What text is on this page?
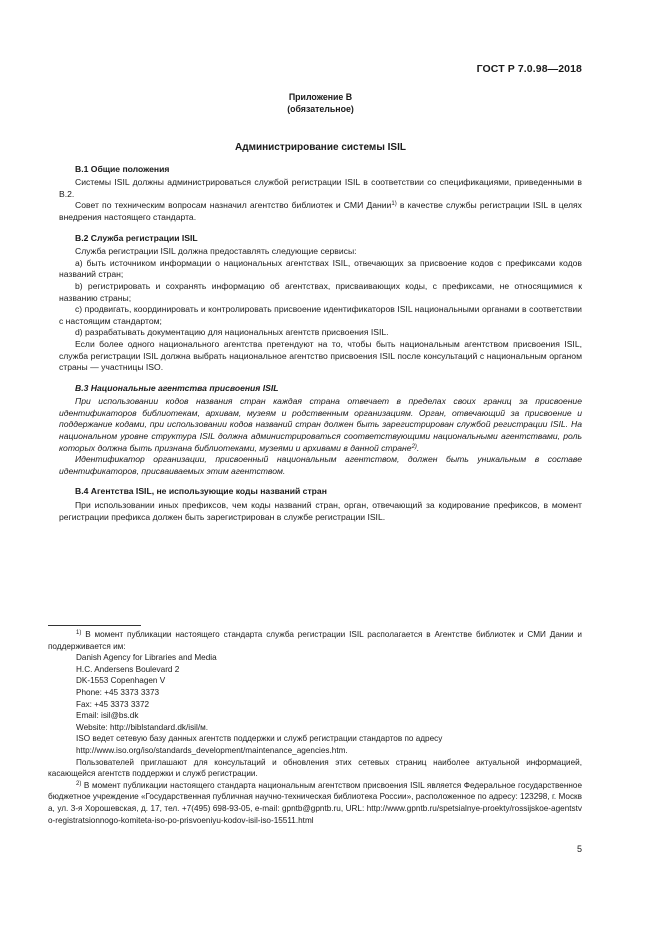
ГОСТ Р 7.0.98—2018
Приложение В
(обязательное)
Администрирование системы ISIL
В.1 Общие положения

Системы ISIL должны администрироваться службой регистрации ISIL в соответствии со спецификациями, приведенными в В.2.

Совет по техническим вопросам назначил агентство библиотек и СМИ Дании$^{1)}$ в качестве службы регистрации ISIL в целях внедрения настоящего стандарта.

В.2 Служба регистрации ISIL

Служба регистрации ISIL должна предоставлять следующие сервисы:

a) быть источником информации о национальных агентствах ISIL, отвечающих за присвоение кодов с префиксами кодов названий стран;

b) регистрировать и сохранять информацию об агентствах, присваивающих коды, с префиксами, не относящимися к названию страны;

c) продвигать, координировать и контролировать присвоение идентификаторов ISIL национальными органами в соответствии с настоящим стандартом;

d) разрабатывать документацию для национальных агентств присвоения ISIL.

Если более одного национального агентства претендуют на то, чтобы быть национальным агентством присвоения ISIL, служба регистрации ISIL должна выбрать национальное агентство присвоения ISIL после консультаций с национальным органом страны — участницы ISO.

В.3 Национальные агентства присвоения ISIL

При использовании кодов названия стран каждая страна отвечает в пределах своих границ за присвоение идентификаторов библиотекам, архивам, музеям и родственным организациям. Орган, отвечающий за присвоение и поддержание кодами, при использовании кодов названий стран должен быть зарегистрирован службой регистрации ISIL. На национальном уровне структура ISIL должна администрироваться соответствующими национальными агентствами, роль которых должна быть признана библиотеками, музеями и архивами в данной стране$^{2)}$.

Идентификатор организации, присвоенный национальным агентством, должен быть уникальным в составе идентификаторов, присваиваемых этим агентством.

В.4 Агентства ISIL, не использующие коды названий стран

При использовании иных префиксов, чем коды названий стран, орган, отвечающий за кодирование префиксов, в момент регистрации префикса должен быть зарегистрирован в службе регистрации ISIL.

$^{1)}$ В момент публикации настоящего стандарта служба регистрации ISIL располагается в Агентстве библиотек и СМИ Дании и поддерживается им:

Danish Agency for Libraries and Media
H.C. Andersens Boulevard 2
DK-1553 Copenhagen V
Phone: +45 3373 3373
Fax: +45 3373 3372
Email: isil@bs.dk
Website: http://biblstandard.dk/isil/м.
ISO ведет сетевую базу данных агентств поддержки и служб регистрации стандартов по адресу
http://www.iso.org/iso/standards_development/maintenance_agencies.htm.

Пользователей приглашают для консультаций и обновления этих сетевых страниц наиболее актуальной информацией, касающейся агентств поддержки и служб регистрации.

$^{2)}$ В момент публикации настоящего стандарта национальным агентством присвоения ISIL является Федеральное государственное бюджетное учреждение «Государственная публичная научно-техническая библиотека России», расположенное по адресу: 123298, г. Москва, ул. 3-я Хорошевская, д. 17, тел. +7(495) 698-93-05, e-mail: gpntb@gpntb.ru, URL: http://www.gpntb.ru/spetsialnye-proekty/rossijskoe-agentstvo-registratsionnogo-komiteta-iso-po-prisvoeniyu-kodov-isil-iso-15511.html

5
